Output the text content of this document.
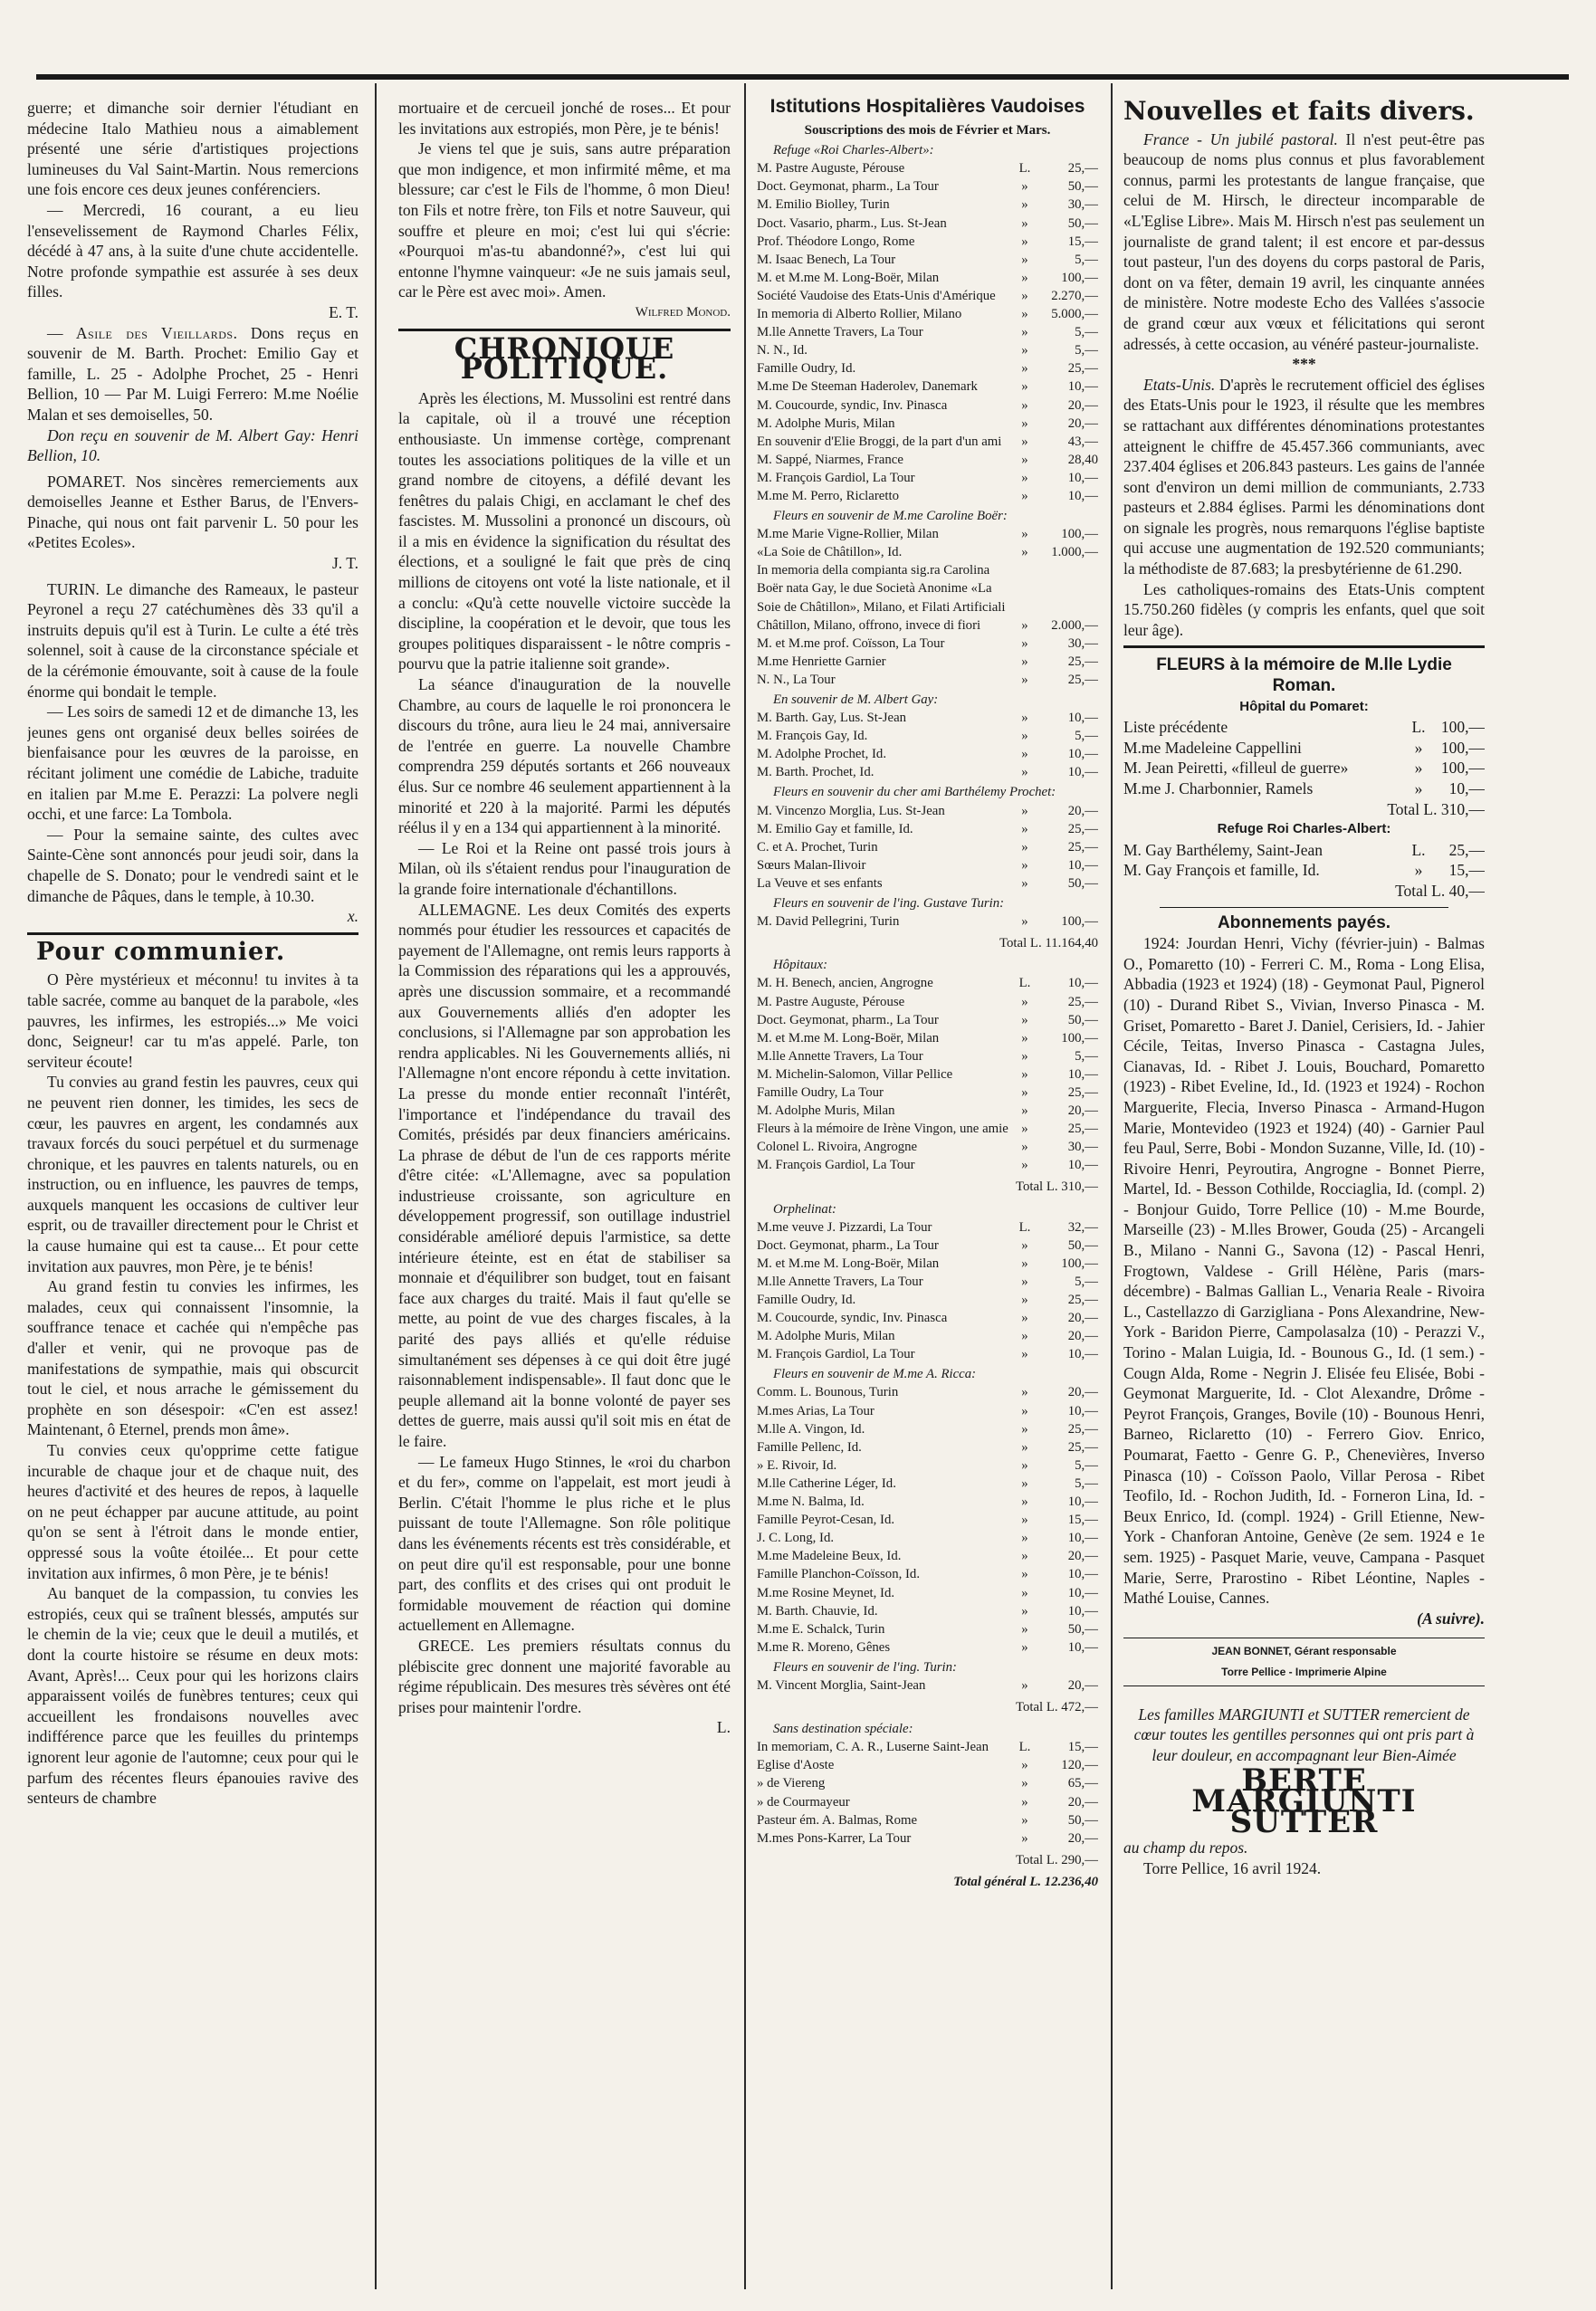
guerre; et dimanche soir dernier l'étudiant en médecine Italo Mathieu nous a aimablement présenté une série d'artistiques projections lumineuses du Val Saint-Martin. Nous remercions une fois encore ces deux jeunes conférenciers.

— Mercredi, 16 courant, a eu lieu l'ensevelissement de Raymond Charles Félix, décédé à 47 ans, à la suite d'une chute accidentelle. Notre profonde sympathie est assurée à ses deux filles.

E. T.

— Asile des Vieillards. Dons reçus en souvenir de M. Barth. Prochet: Emilio Gay et famille, L. 25 - Adolphe Prochet, 25 - Henri Bellion, 10 — Par M. Luigi Ferrero: M.me Noélie Malan et ses demoiselles, 50.

Don reçu en souvenir de M. Albert Gay: Henri Bellion, 10.

POMARET. Nos sincères remerciements aux demoiselles Jeanne et Esther Barus, de l'Envers-Pinache, qui nous ont fait parvenir L. 50 pour les «Petites Ecoles».

J. T.

TURIN. Le dimanche des Rameaux, le pasteur Peyronel a reçu 27 catéchumènes dès 33 qu'il a instruits depuis qu'il est à Turin. Le culte a été très solennel, soit à cause de la circonstance spéciale et de la cérémonie émouvante, soit à cause de la foule énorme qui bondait le temple.

— Les soirs de samedi 12 et de dimanche 13, les jeunes gens ont organisé deux belles soirées de bienfaisance pour les œuvres de la paroisse, en récitant joliment une comédie de Labiche, traduite en italien par M.me E. Perazzi: La polvere negli occhi, et une farce: La Tombola.

— Pour la semaine sainte, des cultes avec Sainte-Cène sont annoncés pour jeudi soir, dans la chapelle de S. Donato; pour le vendredi saint et le dimanche de Pâques, dans le temple, à 10.30.

x.

Pour communier.

O Père mystérieux et méconnu! tu invites à ta table sacrée, comme au banquet de la parabole, «les pauvres, les infirmes, les estropiés...» Me voici donc, Seigneur! car tu m'as appelé. Parle, ton serviteur écoute!

Tu convies au grand festin les pauvres, ceux qui ne peuvent rien donner, les timides, les secs de cœur, les pauvres en argent, les condamnés aux travaux forcés du souci perpétuel et du surmenage chronique, et les pauvres en talents naturels, ou en instruction, ou en influence, les pauvres de temps, auxquels manquent les occasions de cultiver leur esprit, ou de travailler directement pour le Christ et la cause humaine qui est ta cause... Et pour cette invitation aux pauvres, mon Père, je te bénis!

Au grand festin tu convies les infirmes, les malades, ceux qui connaissent l'insomnie, la souffrance tenace et cachée qui n'empêche pas d'aller et venir, qui ne provoque pas de manifestations de sympathie, mais qui obscurcit tout le ciel, et nous arrache le gémissement du prophète en son désespoir: «C'en est assez! Maintenant, ô Eternel, prends mon âme».

Tu convies ceux qu'opprime cette fatigue incurable de chaque jour et de chaque nuit, des heures d'activité et des heures de repos, à laquelle on ne peut échapper par aucune attitude, au point qu'on se sent à l'étroit dans le monde entier, oppressé sous la voûte étoilée... Et pour cette invitation aux infirmes, ô mon Père, je te bénis!

Au banquet de la compassion, tu convies les estropiés, ceux qui se traînent blessés, amputés sur le chemin de la vie; ceux que le deuil a mutilés, et dont la courte histoire se résume en deux mots: Avant, Après!... Ceux pour qui les horizons clairs apparaissent voilés de funèbres tentures; ceux qui accueillent les frondaisons nouvelles avec indifférence parce que les feuilles du printemps ignorent leur agonie de l'automne; ceux pour qui le parfum des récentes fleurs épanouies ravive des senteurs de chambre

mortuaire et de cercueil jonché de roses... Et pour les invitations aux estropiés, mon Père, je te bénis!

Je viens tel que je suis, sans autre préparation que mon indigence, et mon infirmité même, et ma blessure; car c'est le Fils de l'homme, ô mon Dieu! ton Fils et notre frère, ton Fils et notre Sauveur, qui souffre et pleure en moi; c'est lui qui s'écrie: «Pourquoi m'as-tu abandonné?», c'est lui qui entonne l'hymne vainqueur: «Je ne suis jamais seul, car le Père est avec moi». Amen.

Wilfred Monod.

CHRONIQUE POLITIQUE.

Après les élections, M. Mussolini est rentré dans la capitale, où il a trouvé une réception enthousiaste. Un immense cortège, comprenant toutes les associations politiques de la ville et un grand nombre de citoyens, a défilé devant les fenêtres du palais Chigi, en acclamant le chef des fascistes. M. Mussolini a prononcé un discours, où il a mis en évidence la signification du résultat des élections, et a souligné le fait que près de cinq millions de citoyens ont voté la liste nationale, et il a conclu: «Qu'à cette nouvelle victoire succède la discipline, la coopération et le devoir, que tous les groupes politiques disparaissent - le nôtre compris - pourvu que la patrie italienne soit grande».

La séance d'inauguration de la nouvelle Chambre, au cours de laquelle le roi prononcera le discours du trône, aura lieu le 24 mai, anniversaire de l'entrée en guerre. La nouvelle Chambre comprendra 259 députés sortants et 266 nouveaux élus. Sur ce nombre 46 seulement appartiennent à la minorité et 220 à la majorité. Parmi les députés réélus il y en a 134 qui appartiennent à la minorité.

— Le Roi et la Reine ont passé trois jours à Milan, où ils s'étaient rendus pour l'inauguration de la grande foire internationale d'échantillons.

ALLEMAGNE. Les deux Comités des experts nommés pour étudier les ressources et capacités de payement de l'Allemagne, ont remis leurs rapports à la Commission des réparations qui les a approuvés, après une discussion sommaire, et a recommandé aux Gouvernements alliés d'en adopter les conclusions, si l'Allemagne par son approbation les rendra applicables. Ni les Gouvernements alliés, ni l'Allemagne n'ont encore répondu à cette invitation. La presse du monde entier reconnaît l'intérêt, l'importance et l'indépendance du travail des Comités, présidés par deux financiers américains. La phrase de début de l'un de ces rapports mérite d'être citée: «L'Allemagne, avec sa population industrieuse croissante, son agriculture en développement progressif, son outillage industriel considérable amélioré depuis l'armistice, sa dette intérieure éteinte, est en état de stabiliser sa monnaie et d'équilibrer son budget, tout en faisant face aux charges du traité. Mais il faut qu'elle se mette, au point de vue des charges fiscales, à la parité des pays alliés et qu'elle réduise simultanément ses dépenses à ce qui doit être jugé raisonnablement indispensable». Il faut donc que le peuple allemand ait la bonne volonté de payer ses dettes de guerre, mais aussi qu'il soit mis en état de le faire.

— Le fameux Hugo Stinnes, le «roi du charbon et du fer», comme on l'appelait, est mort jeudi à Berlin. C'était l'homme le plus riche et le plus puissant de toute l'Allemagne. Son rôle politique dans les événements récents est très considérable, et on peut dire qu'il est responsable, pour une bonne part, des conflits et des crises qui ont produit le formidable mouvement de réaction qui domine actuellement en Allemagne.

GRECE. Les premiers résultats connus du plébiscite grec donnent une majorité favorable au régime républicain. Des mesures très sévères ont été prises pour maintenir l'ordre.

L.

Istitutions Hospitalières Vaudoises
Souscriptions des mois de Février et Mars.
Refuge «Roi Charles-Albert»:
M. Pastre Auguste, Pérouse	L.	25,—
Doct. Geymonat, pharm., La Tour	»	50,—
M. Emilio Biolley, Turin	»	30,—
Doct. Vasario, pharm., Lus. St-Jean	»	50,—
Prof. Théodore Longo, Rome	»	15,—
M. Isaac Benech, La Tour	»	5,—
M. et M.me M. Long-Boër, Milan	»	100,—
Société Vaudoise des Etats-Unis d'Amérique	»	2.270,—
In memoria di Alberto Rollier, Milano	»	5.000,—
M.lle Annette Travers, La Tour	»	5,—
N. N., Id.	»	5,—
Famille Oudry, Id.	»	25,—
M.me De Steeman Haderolev, Danemark	»	10,—
M. Coucourde, syndic, Inv. Pinasca	»	20,—
M. Adolphe Muris, Milan	»	20,—
En souvenir d'Elie Broggi, de la part d'un ami	»	43,—
M. Sappé, Niarmes, France	»	28,40
M. François Gardiol, La Tour	»	10,—
M.me M. Perro, Riclaretto	»	10,—
Fleurs en souvenir de M.me Caroline Boër:
M.me Marie Vigne-Rollier, Milan	»	100,—
«La Soie de Châtillon», Id.	»	1.000,—
In memoria della compianta sig.ra Carolina Boër nata Gay, le due Società Anonime «La Soie de Châtillon», Milano, et Filati Artificiali Châtillon, Milano, offrono, invece di fiori	»	2.000,—
M. et M.me prof. Coïsson, La Tour	»	30,—
M.me Henriette Garnier	»	25,—
N. N., La Tour	»	25,—
En souvenir de M. Albert Gay:
M. Barth. Gay, Lus. St-Jean	»	10,—
M. François Gay, Id.	»	5,—
M. Adolphe Prochet, Id.	»	10,—
M. Barth. Prochet, Id.	»	10,—
Fleurs en souvenir du cher ami Barthélemy Prochet:
M. Vincenzo Morglia, Lus. St-Jean	»	20,—
M. Emilio Gay et famille, Id.	»	25,—
C. et A. Prochet, Turin	»	25,—
Sœurs Malan-Ilivoir	»	10,—
La Veuve et ses enfants	»	50,—
Fleurs en souvenir de l'ing. Gustave Turin:
M. David Pellegrini, Turin	»	100,—

Total L. 11.164,40

Hôpitaux:
M. H. Benech, ancien, Angrogne	L.	10,—
M. Pastre Auguste, Pérouse	»	25,—
Doct. Geymonat, pharm., La Tour	»	50,—
M. et M.me M. Long-Boër, Milan	»	100,—
M.lle Annette Travers, La Tour	»	5,—
M. Michelin-Salomon, Villar Pellice	»	10,—
Famille Oudry, La Tour	»	25,—
M. Adolphe Muris, Milan	»	20,—
Fleurs à la mémoire de Irène Vingon, une amie »	25,—
Colonel L. Rivoira, Angrogne	»	30,—
M. François Gardiol, La Tour	»	10,—

Total L. 310,—

Orphelinat:
M.me veuve J. Pizzardi, La Tour	L.	32,—
Doct. Geymonat, pharm., La Tour	»	50,—
M. et M.me M. Long-Boër, Milan	»	100,—
M.lle Annette Travers, La Tour	»	5,—
Famille Oudry, Id.	»	25,—
M. Coucourde, syndic, Inv. Pinasca	»	20,—
M. Adolphe Muris, Milan	»	20,—
M. François Gardiol, La Tour	»	10,—
Fleurs en souvenir de M.me A. Ricca:
Comm. L. Bounous, Turin	»	20,—
M.mes Arias, La Tour	»	10,—
M.lle A. Vingon, Id.	»	25,—
Famille Pellenc, Id.	»	25,—
» E. Rivoir, Id.	»	5,—
M.lle Catherine Léger, Id.	»	5,—
M.me N. Balma, Id.	»	10,—
Famille Peyrot-Cesan, Id.	»	15,—
J. C. Long, Id.	»	10,—
M.me Madeleine Beux, Id.	»	20,—
Famille Planchon-Coïsson, Id.	»	10,—
M.me Rosine Meynet, Id.	»	10,—
M. Barth. Chauvie, Id.	»	10,—
M.me E. Schalck, Turin	»	50,—
M.me R. Moreno, Gênes	»	10,—
Fleurs en souvenir de l'ing. Turin:
M. Vincent Morglia, Saint-Jean	»	20,—

Total L. 472,—

Sans destination spéciale:
In memoriam, C. A. R., Luserne Saint-Jean	L.	15,—
Eglise d'Aoste	»	120,—
» de Viereng	»	65,—
» de Courmayeur	»	20,—
Pasteur ém. A. Balmas, Rome	»	50,—
M.mes Pons-Karrer, La Tour	»	20,—

Total L. 290,—

Total général L. 12.236,40

Nouvelles et faits divers.

France - Un jubilé pastoral. Il n'est peut-être pas beaucoup de noms plus connus et plus favorablement connus, parmi les protestants de langue française, que celui de M. Hirsch, le directeur incomparable de «L'Eglise Libre». Mais M. Hirsch n'est pas seulement un journaliste de grand talent; il est encore et par-dessus tout pasteur, l'un des doyens du corps pastoral de Paris, dont on va fêter, demain 19 avril, les cinquante années de ministère. Notre modeste Echo des Vallées s'associe de grand cœur aux vœux et félicitations qui seront adressés, à cette occasion, au vénéré pasteur-journaliste.

***

Etats-Unis. D'après le recrutement officiel des églises des Etats-Unis pour le 1923, il résulte que les membres se rattachant aux différentes dénominations protestantes atteignent le chiffre de 45.457.366 communiants, avec 237.404 églises et 206.843 pasteurs. Les gains de l'année sont d'environ un demi million de communiants, 2.733 pasteurs et 2.884 églises. Parmi les dénominations dont on signale les progrès, nous remarquons l'église baptiste qui accuse une augmentation de 192.520 communiants; la méthodiste de 87.683; la presbytérienne de 61.290.

Les catholiques-romains des Etats-Unis comptent 15.750.260 fidèles (y compris les enfants, quel que soit leur âge).

FLEURS à la mémoire de M.lle Lydie Roman.
Hôpital du Pomaret:
Liste précédente	L. 100,—
M.me Madeleine Cappellini	»	100,—
M. Jean Peiretti, «filleul de guerre»	»	100,—
M.me J. Charbonnier, Ramels	»	10,—

Total L. 310,—

Refuge Roi Charles-Albert:
M. Gay Barthélemy, Saint-Jean	L.	25,—
M. Gay François et famille, Id.	»	15,—

Total L. 40,—

Abonnements payés.

1924: Jourdan Henri, Vichy (février-juin) - Balmas O., Pomaretto (10) - Ferreri C. M., Roma - Long Elisa, Abbadia (1923 et 1924) (18) - Geymonat Paul, Pignerol (10) - Durand Ribet S., Vivian, Inverso Pinasca - M. Griset, Pomaretto - Baret J. Daniel, Cerisiers, Id. - Jahier Cécile, Teitas, Inverso Pinasca - Castagna Jules, Cianavas, Id. - Ribet J. Louis, Bouchard, Pomaretto (1923) - Ribet Eveline, Id., Id. (1923 et 1924) - Rochon Marguerite, Flecia, Inverso Pinasca - Armand-Hugon Marie, Montevideo (1923 et 1924) (40) - Garnier Paul feu Paul, Serre, Bobi - Mondon Suzanne, Ville, Id. (10) - Rivoire Henri, Peyroutira, Angrogne - Bonnet Pierre, Martel, Id. - Besson Cothilde, Rocciaglia, Id. (compl. 2) - Bonjour Guido, Torre Pellice (10) - M.me Bourde, Marseille (23) - M.lles Brower, Gouda (25) - Arcangeli B., Milano - Nanni G., Savona (12) - Pascal Henri, Frogtown, Valdese - Grill Hélène, Paris (mars-décembre) - Balmas Gallian L., Venaria Reale - Rivoira L., Castellazzo di Garzigliana - Pons Alexandrine, New-York - Baridon Pierre, Campolasalza (10) - Perazzi V., Torino - Malan Luigia, Id. - Bounous G., Id. (1 sem.) - Cougn Alda, Rome - Negrin J. Elisée feu Elisée, Bobi - Geymonat Marguerite, Id. - Clot Alexandre, Drôme - Peyrot François, Granges, Bovile (10) - Bounous Henri, Barneo, Riclaretto (10) - Ferrero Giov. Enrico, Poumarat, Faetto - Genre G. P., Chenevières, Inverso Pinasca (10) - Coïsson Paolo, Villar Perosa - Ribet Teofilo, Id. - Rochon Judith, Id. - Forneron Lina, Id. - Beux Enrico, Id. (compl. 1924) - Grill Etienne, New-York - Chanforan Antoine, Genève (2e sem. 1924 e 1e sem. 1925) - Pasquet Marie, veuve, Campana - Pasquet Marie, Serre, Prarostino - Ribet Léontine, Naples - Mathé Louise, Cannes.

(A suivre).

JEAN BONNET, Gérant responsable
Torre Pellice - Imprimerie Alpine

Les familles MARGIUNTI et SUTTER remercient de cœur toutes les gentilles personnes qui ont pris part à leur douleur, en accompagnant leur Bien-Aimée

BERTE MARGIUNTI SUTTER

au champ du repos.

Torre Pellice, 16 avril 1924.
